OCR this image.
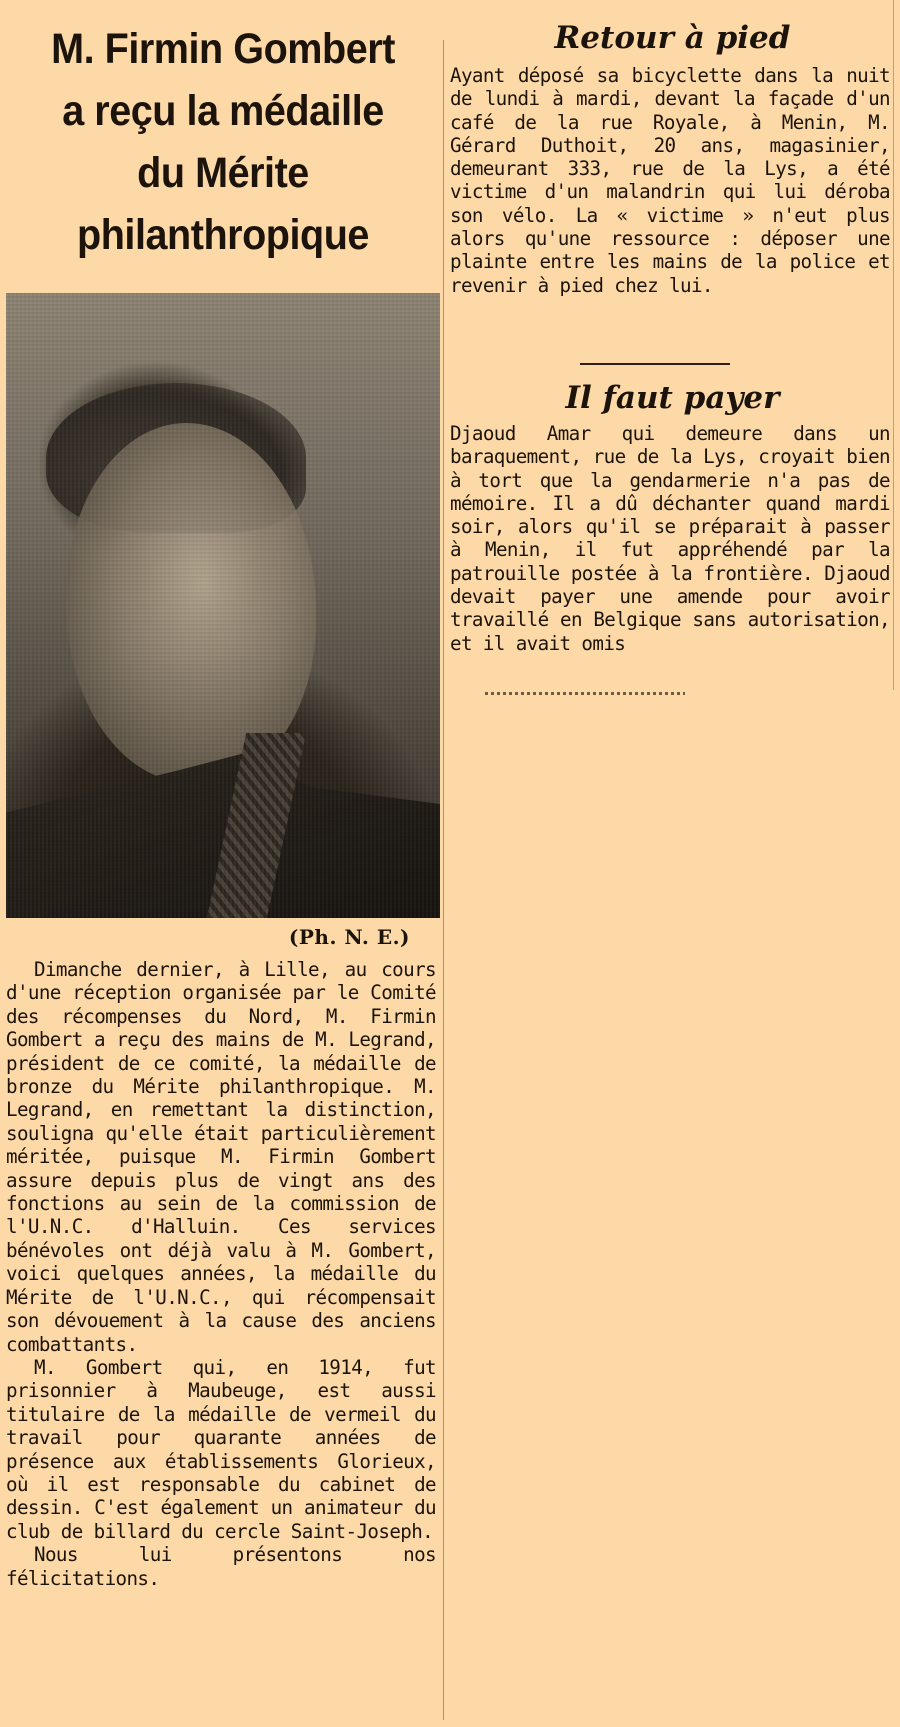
M. Firmin Gombert
a reçu la médaille
du Mérite
philanthropique
(Ph. N. E.)

Dimanche dernier, à Lille, au cours d'une réception organisée par le Comité des récompenses du Nord, M. Firmin Gombert a reçu des mains de M. Legrand, président de ce comité, la médaille de bronze du Mérite philanthropique. M. Legrand, en remettant la distinction, souligna qu'elle était particulièrement méritée, puisque M. Firmin Gombert assure depuis plus de vingt ans des fonctions au sein de la commission de l'U.N.C. d'Halluin. Ces services bénévoles ont déjà valu à M. Gombert, voici quelques années, la médaille du Mérite de l'U.N.C., qui récompensait son dévouement à la cause des anciens combattants.

M. Gombert qui, en 1914, fut prisonnier à Maubeuge, est aussi titulaire de la médaille de vermeil du travail pour quarante années de présence aux établissements Glorieux, où il est responsable du cabinet de dessin. C'est également un animateur du club de billard du cercle Saint-Joseph.

Nous lui présentons nos félicitations.

Retour à pied

Ayant déposé sa bicyclette dans la nuit de lundi à mardi, devant la façade d'un café de la rue Royale, à Menin, M. Gérard Duthoit, 20 ans, magasinier, demeurant 333, rue de la Lys, a été victime d'un malandrin qui lui déroba son vélo. La « victime » n'eut plus alors qu'une ressource : déposer une plainte entre les mains de la police et revenir à pied chez lui.

Il faut payer

Djaoud Amar qui demeure dans un baraquement, rue de la Lys, croyait bien à tort que la gendarmerie n'a pas de mémoire. Il a dû déchanter quand mardi soir, alors qu'il se préparait à passer à Menin, il fut appréhendé par la patrouille postée à la frontière. Djaoud devait payer une amende pour avoir travaillé en Belgique sans autorisation, et il avait omis
